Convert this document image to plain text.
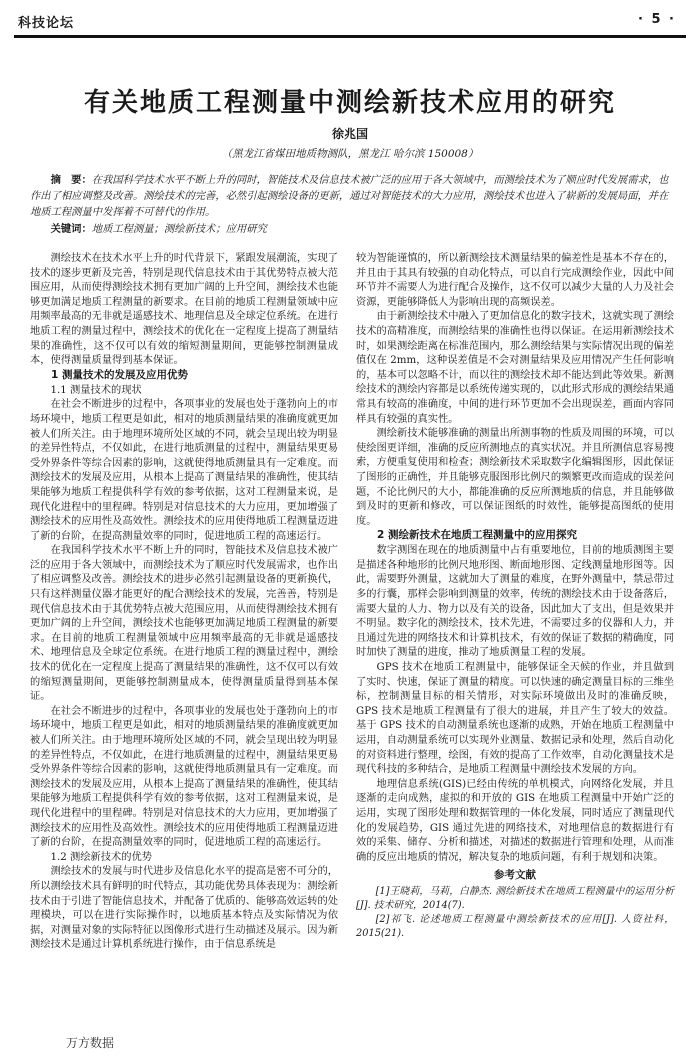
科技论坛	· 5 ·
有关地质工程测量中测绘新技术应用的研究
徐兆国
（黑龙江省煤田地质物测队，黑龙江 哈尔滨 150008）
摘　要：在我国科学技术水平不断上升的同时，智能技术及信息技术被广泛的应用于各大领域中，而测绘技术为了顺应时代发展需求，也作出了相应调整及改善。测绘技术的完善，必然引起测绘设备的更新，通过对智能技术的大力应用，测绘技术也进入了崭新的发展局面，并在地质工程测量中发挥着不可替代的作用。
关键词：地质工程测量；测绘新技术；应用研究

测绘技术在技术水平上升的时代背景下，紧跟发展潮流，实现了技术的逐步更新及完善，特别是现代信息技术由于其优势特点被大范围应用，从而使得测绘技术拥有更加广阔的上升空间，测绘技术也能够更加满足地质工程测量的新要求。在目前的地质工程测量领域中应用频率最高的无非就是遥感技术、地理信息及全球定位系统。在进行地质工程的测量过程中，测绘技术的优化在一定程度上提高了测量结果的准确性，这不仅可以有效的缩短测量期间，更能够控制测量成本，使得测量质量得到基本保证。

1 测量技术的发展及应用优势
1.1 测量技术的现状

在社会不断进步的过程中，各项事业的发展也处于蓬勃向上的市场环境中，地质工程更是如此，相对的地质测量结果的准确度就更加被人们所关注。由于地理环境所处区域的不同，就会呈现出较为明显的差异性特点，不仅如此，在进行地质测量的过程中，测量结果更易受外界条件等综合因素的影响，这就使得地质测量具有一定难度。而测绘技术的发展及应用，从根本上提高了测量结果的准确性，使其结果能够为地质工程提供科学有效的参考依据，这对工程测量来说，是现代化进程中的里程碑。特别是对信息技术的大力应用，更加增强了测绘技术的应用性及高效性。测绘技术的应用使得地质工程测量迈进了新的台阶，在提高测量效率的同时，促进地质工程的高速运行。

在我国科学技术水平不断上升的同时，智能技术及信息技术被广泛的应用于各大领域中，而测绘技术为了顺应时代发展需求，也作出了相应调整及改善。测绘技术的进步必然引起测量设备的更新换代，只有这样测量仪器才能更好的配合测绘技术的发展，完善善，特别是现代信息技术由于其优势特点被大范围应用，从而使得测绘技术拥有更加广阔的上升空间，测绘技术也能够更加满足地质工程测量的新要求。在目前的地质工程测量领域中应用频率最高的无非就是遥感技术、地理信息及全球定位系统。在进行地质工程的测量过程中，测绘技术的优化在一定程度上提高了测量结果的准确性，这不仅可以有效的缩短测量期间，更能够控制测量成本，使得测量质量得到基本保证。

在社会不断进步的过程中，各项事业的发展也处于蓬勃向上的市场环境中，地质工程更是如此，相对的地质测量结果的准确度就更加被人们所关注。由于地理环境所处区域的不同，就会呈现出较为明显的差异性特点，不仅如此，在进行地质测量的过程中，测量结果更易受外界条件等综合因素的影响，这就使得地质测量具有一定难度。而测绘技术的发展及应用，从根本上提高了测量结果的准确性，使其结果能够为地质工程提供科学有效的参考依据，这对工程测量来说，是现代化进程中的里程碑。特别是对信息技术的大力应用，更加增强了测绘技术的应用性及高效性。测绘技术的应用使得地质工程测量迈进了新的台阶，在提高测量效率的同时，促进地质工程的高速运行。

1.2 测绘新技术的优势

测绘技术的发展与时代进步及信息化水平的提高是密不可分的，所以测绘技术具有鲜明的时代特点，其功能优势具体表现为：测绘新技术由于引进了智能信息技术，并配备了优质的、能够高效运转的处理模块，可以在进行实际操作时，以地质基本特点及实际情况为依据，对测量对象的实际特征以图像形式进行生动描述及展示。因为新测绘技术是通过计算机系统进行操作，由于信息系统是

较为智能谨慎的，所以新测绘技术测量结果的偏差性是基本不存在的，并且由于其具有较强的自动化特点，可以自行完成测绘作业，因此中间环节并不需要人为进行配合及操作，这不仅可以减少大量的人力及社会资源，更能够降低人为影响出现的高频误差。

由于新测绘技术中融入了更加信息化的数字技术，这就实现了测绘技术的高精准度，而测绘结果的准确性也得以保证。在运用新测绘技术时，如果测绘距离在标准范围内，那么测绘结果与实际情况出现的偏差值仅在 2mm，这种误差值是不会对测量结果及应用情况产生任何影响的，基本可以忽略不计，而以往的测绘技术却不能达到此等效果。新测绘技术的测绘内容都是以系统传递实现的，以此形式形成的测绘结果通常具有较高的准确度，中间的进行环节更加不会出现误差，画面内容同样具有较强的真实性。

测绘新技术能够准确的测量出所测事物的性质及周围的环境，可以使绘图更详细，准确的反应所测地点的真实状况。并且所测信息容易搜索，方便重复使用和检查；测绘新技术采取数字化编辑图形，因此保证了图形的正确性，并且能够克服图形比例尺的频繁更改而造成的误差问题，不论比例尺的大小，都能准确的反应所测地质的信息，并且能够做到及时的更新和修改，可以保证图纸的时效性，能够提高图纸的使用度。

2 测绘新技术在地质工程测量中的应用探究

数字测图在现在的地质测量中占有重要地位，目前的地质测图主要是描述各种地形的比例尺地形图、断面地形图、定线测量地形图等。因此，需要野外测量，这就加大了测量的难度，在野外测量中，禁忌带过多的行囊，那样会影响到测量的效率，传统的测绘技术由于设备落后，需要大量的人力、物力以及有关的设备，因此加大了支出，但是效果并不明显。数字化的测绘技术，技术先进，不需要过多的仪器和人力，并且通过先进的网络技术和计算机技术，有效的保证了数据的精确度，同时加快了测量的进度，推动了地质测量工程的发展。

GPS 技术在地质工程测量中，能够保证全天候的作业，并且做到了实时、快速，保证了测量的精度。可以快速的确定测量目标的三维坐标，控制测量目标的相关情形，对实际环境做出及时的准确反映，GPS 技术是地质工程测量有了很大的进展，并且产生了较大的效益。基于 GPS 技术的自动测量系统也逐渐的成熟，开始在地质工程测量中运用，自动测量系统可以实现外业测量、数据记录和处理，然后自动化的对资料进行整理，绘图，有效的提高了工作效率，自动化测量技术是现代科技的多种结合，是地质工程测量中测绘技术发展的方向。

地理信息系统(GIS)已经由传统的单机模式，向网络化发展，并且逐渐的走向成熟，虚拟的和开放的 GIS 在地质工程测量中开始广泛的运用，实现了图形处理和数据管理的一体化发展，同时适应了测量现代化的发展趋势，GIS 通过先进的网络技术，对地理信息的数据进行有效的采集、储存、分析和描述，对描述的数据进行管理和处理，从而准确的反应出地质的情况，解决复杂的地质问题，有利于规划和决策。

参考文献

[1]王晓莉，马莉，白静杰. 测绘新技术在地质工程测量中的运用分析[J]. 技术研究，2014(7).

[2]祁飞. 论述地质工程测量中测绘新技术的应用[J]. 人资社科，2015(21).

万方数据
